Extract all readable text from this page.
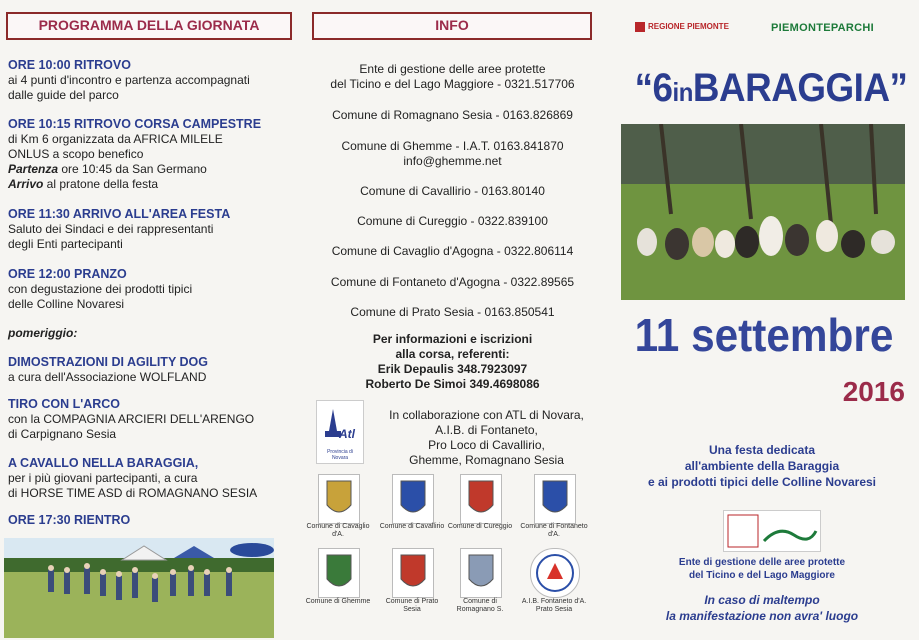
PROGRAMMA DELLA GIORNATA
ORE 10:00 RITROVO
ai 4 punti d'incontro e partenza accompagnati
dalle guide del parco
ORE 10:15 RITROVO CORSA CAMPESTRE
di Km 6 organizzata da AFRICA MILELE
ONLUS a scopo benefico
Partenza ore 10:45 da San Germano
Arrivo al pratone della festa
ORE 11:30 ARRIVO ALL'AREA FESTA
Saluto dei Sindaci e dei rappresentanti
degli Enti partecipanti
ORE 12:00 PRANZO
con degustazione dei prodotti tipici
delle Colline Novaresi
pomeriggio:
DIMOSTRAZIONI DI AGILITY DOG
a cura dell'Associazione WOLFLAND
TIRO CON L'ARCO
con la COMPAGNIA ARCIERI DELL'ARENGO
di Carpignano Sesia
A CAVALLO NELLA BARAGGIA,
per i più giovani partecipanti, a cura
di HORSE TIME ASD di ROMAGNANO SESIA
ORE 17:30 RIENTRO
INFO
Ente di gestione delle aree protette
del Ticino e del Lago Maggiore - 0321.517706
Comune di Romagnano Sesia - 0163.826869
Comune di Ghemme - I.A.T. 0163.841870
info@ghemme.net
Comune di Cavallirio - 0163.80140
Comune di Cureggio - 0322.839100
Comune di Cavaglio d'Agogna - 0322.806114
Comune di Fontaneto d'Agogna - 0322.89565
Comune di Prato Sesia - 0163.850541
Per informazioni e iscrizioni
alla corsa, referenti:
Erik Depaulis 348.7923097
Roberto De Simoi 349.4698086
Atl
Provincia di Novara
In collaborazione con ATL di Novara,
A.I.B. di Fontaneto,
Pro Loco di Cavallirio,
Ghemme, Romagnano Sesia
Comune di Cavaglio d'A.
Comune di Cavallirio Comune di Cureggio	Comune di Fontaneto d'A.
Comune di Ghemme	Comune di Prato Sesia
Comune di Romagnano S.
A.I.B. Fontaneto d'A. Prato Sesia
REGIONE PIEMONTE	PIEMONTEPARCHI
“6inBARAGGIA”
11 settembre
2016
Una festa dedicata
all'ambiente della Baraggia
e ai prodotti tipici delle Colline Novaresi
Ente di gestione delle aree protette
del Ticino e del Lago Maggiore
In caso di maltempo
la manifestazione non avra' luogo
